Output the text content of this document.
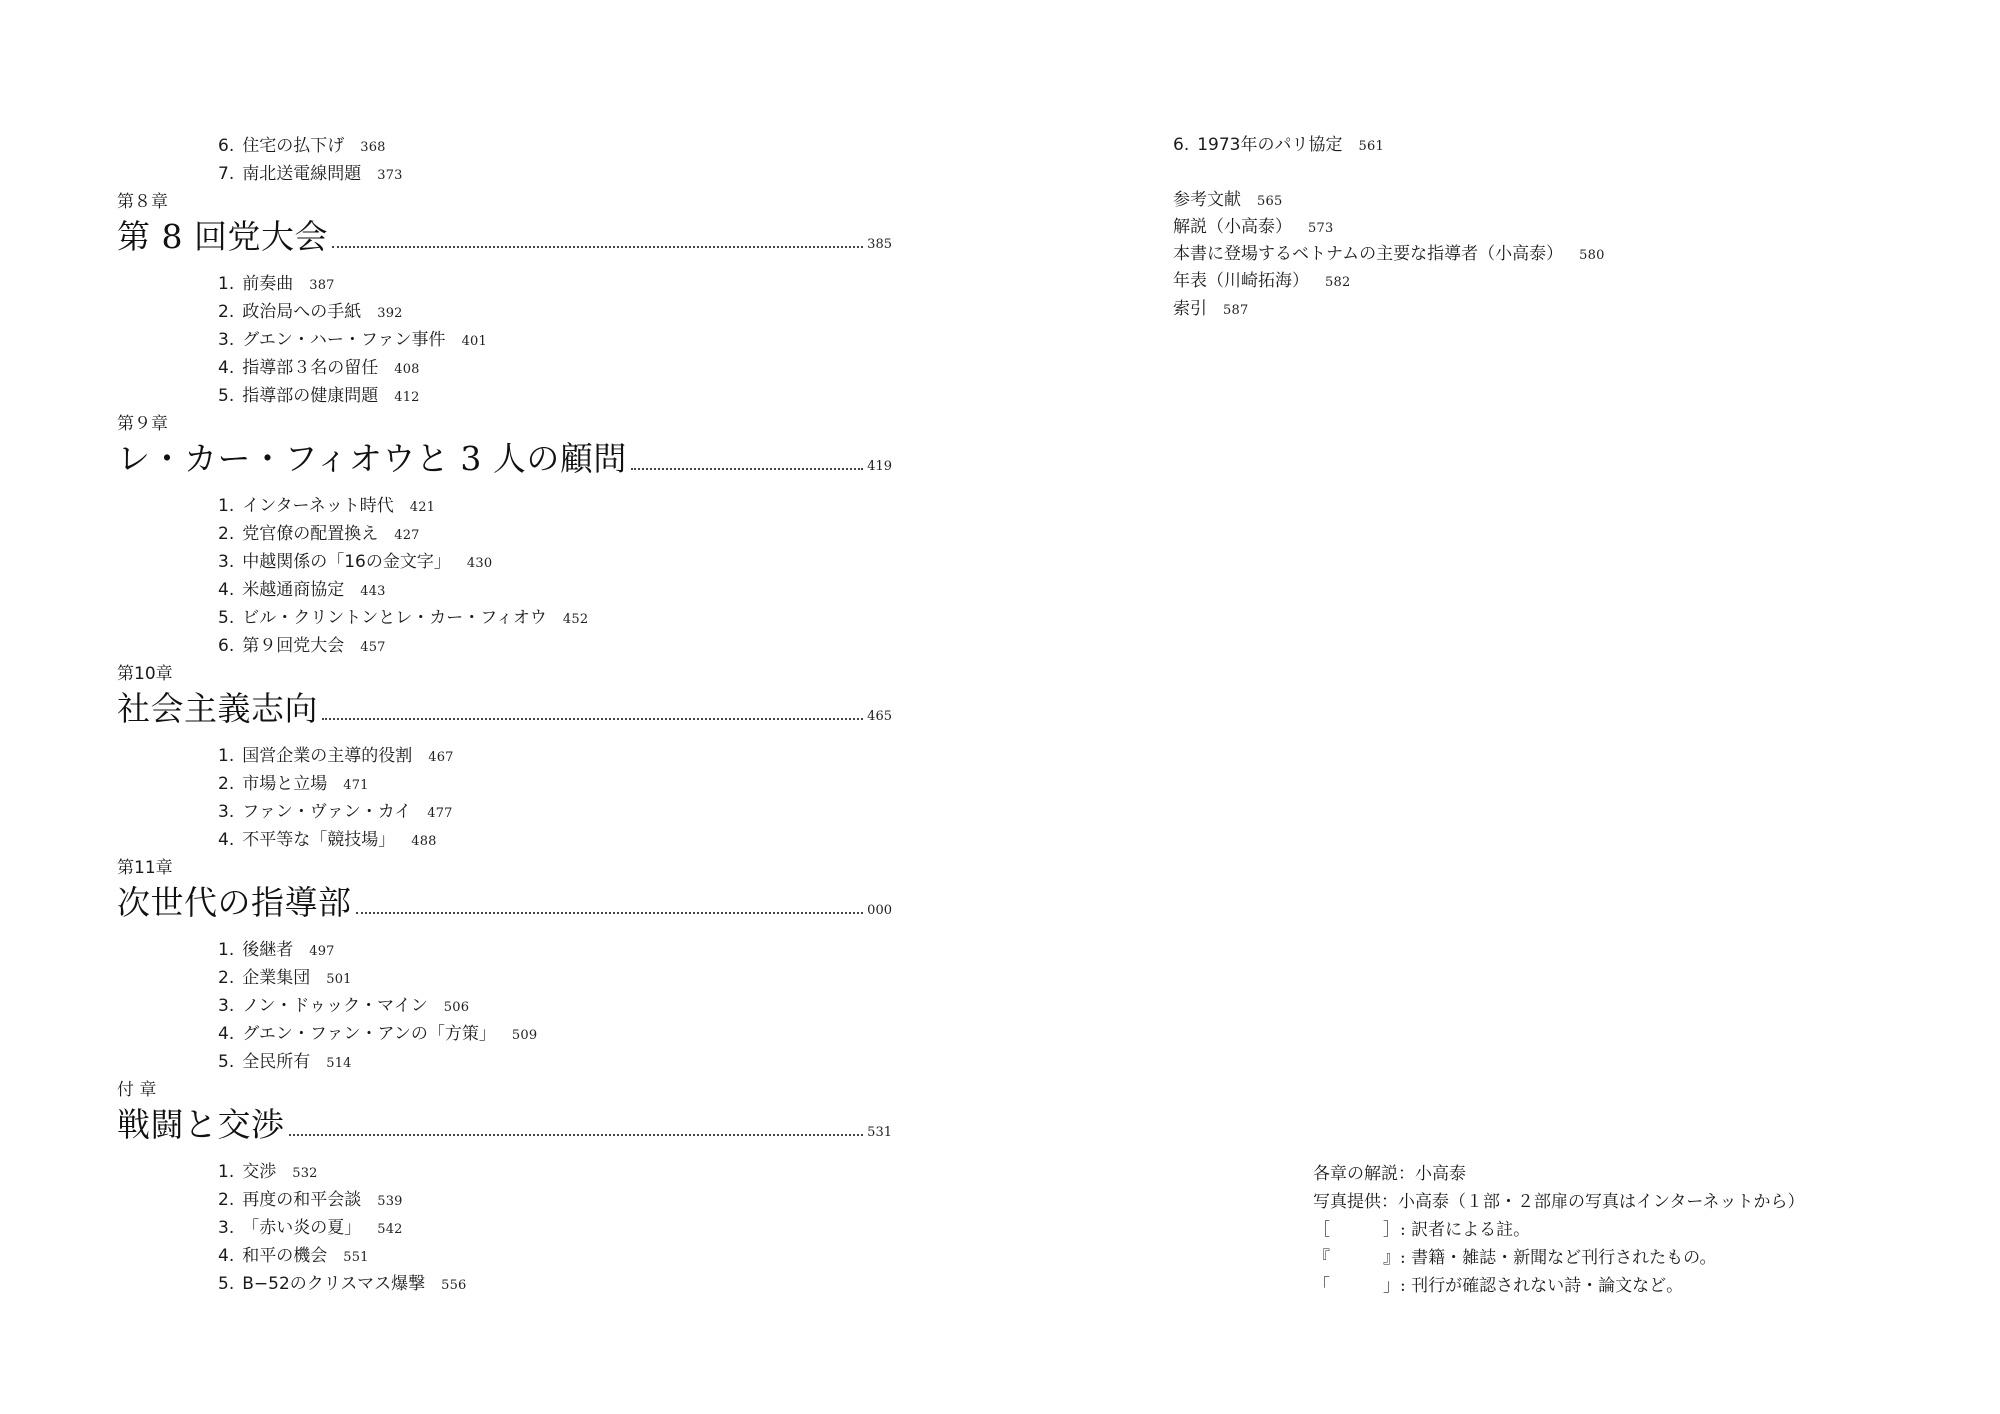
6. 住宅の払下げ 368
7. 南北送電線問題 373
第８章
第 8 回党大会	385
1. 前奏曲 387
2. 政治局への手紙 392
3. グエン・ハー・ファン事件 401
4. 指導部３名の留任 408
5. 指導部の健康問題 412
第９章
レ・カー・フィオウと 3 人の顧問	419
1. インターネット時代 421
2. 党官僚の配置換え 427
3. 中越関係の「16の金文字」 430
4. 米越通商協定 443
5. ビル・クリントンとレ・カー・フィオウ 452
6. 第９回党大会 457
第10章
社会主義志向	465
1. 国営企業の主導的役割 467
2. 市場と立場 471
3. ファン・ヴァン・カイ 477
4. 不平等な「競技場」 488
第11章
次世代の指導部	000
1. 後継者 497
2. 企業集団 501
3. ノン・ドゥック・マイン 506
4. グエン・ファン・アンの「方策」 509
5. 全民所有 514
付 章
戦闘と交渉	531
1. 交渉 532
2. 再度の和平会談 539
3. 「赤い炎の夏」 542
4. 和平の機会 551
5. B−52のクリスマス爆撃 556
6. 1973年のパリ協定 561
参考文献 565
解説（小高泰） 573
本書に登場するベトナムの主要な指導者（小高泰） 580
年表（川崎拓海） 582
索引 587
各章の解説：小高泰
写真提供：小高泰（１部・２部扉の写真はインターネットから）
［	］: 訳者による註。
『	』: 書籍・雑誌・新聞など刊行されたもの。
「	」: 刊行が確認されない詩・論文など。
